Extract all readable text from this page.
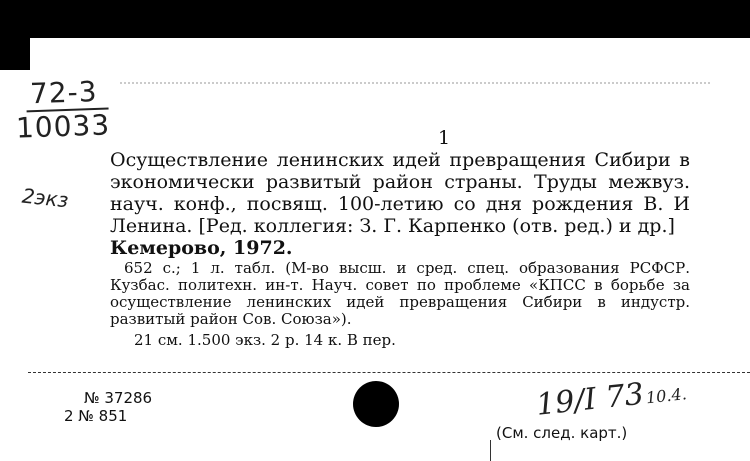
72-3
10033
2экз
1
Осуществление ленинских идей превращения Сибири в экономически развитый район страны. Труды межвуз. науч. конф., посвящ. 100-летию со дня рождения В. И Ленина. [Ред. коллегия: З. Г. Карпенко (отв. ред.) и др.]
Кемерово, 1972.
652 с.; 1 л. табл. (М-во высш. и сред. спец. образования РСФСР. Кузбас. политехн. ин-т. Науч. совет по проблеме «КПСС в борьбе за осуществление ленинских идей превращения Сибири в индустр. развитый район Сов. Союза»).
21 см. 1.500 экз. 2 р. 14 к. В пер.
№ 37286
2 № 851	19/I 7310.4.
(См. след. карт.)
